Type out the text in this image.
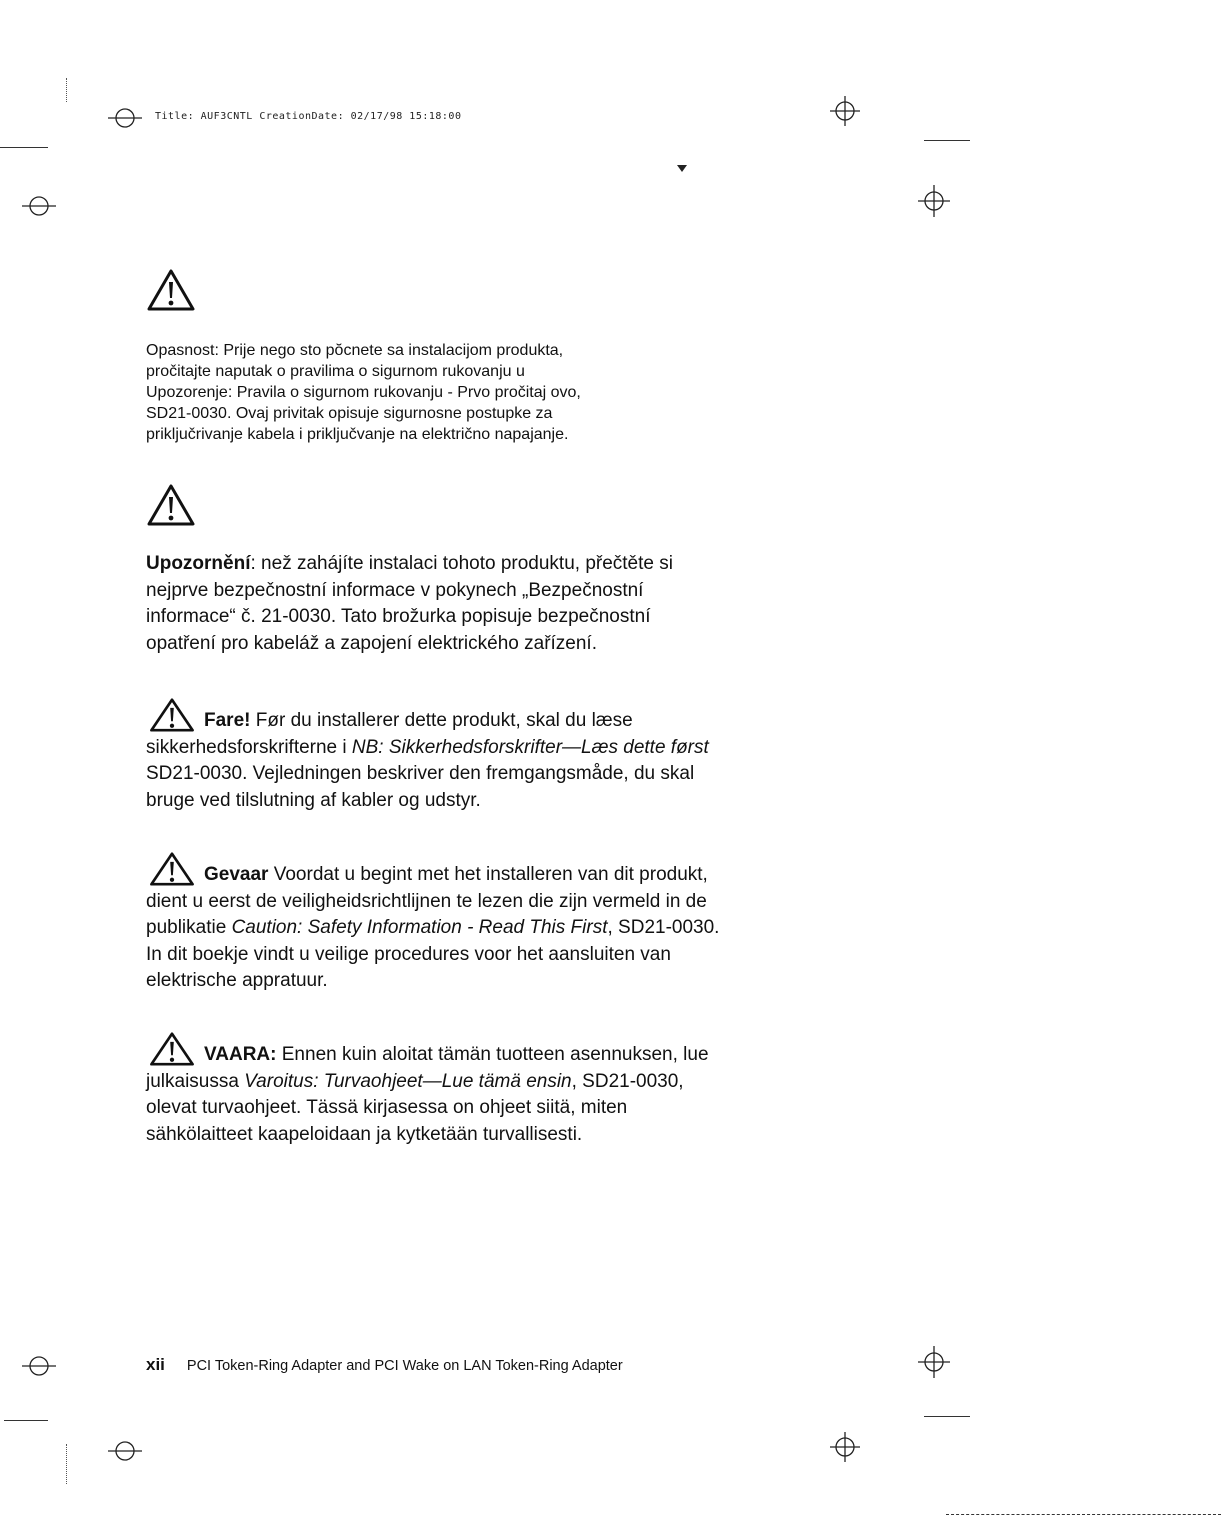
Title: AUF3CNTL CreationDate: 02/17/98 15:18:00
Opasnost: Prije nego sto pŏcnete sa instalacijom produkta,
pročitajte naputak o pravilima o sigurnom rukovanju u
Upozorenje: Pravila o sigurnom rukovanju - Prvo pročitaj ovo,
SD21-0030. Ovaj privitak opisuje sigurnosne postupke za
priključrivanje kabela i priključvanje na električno napajanje.
Upozornění: než zahájíte instalaci tohoto produktu, přečtěte si
nejprve bezpečnostní informace v pokynech „Bezpečnostní
informace“ č. 21-0030. Tato brožurka popisuje bezpečnostní
opatření pro kabeláž a zapojení elektrického zařízení.
Fare! Før du installerer dette produkt, skal du læse
sikkerhedsforskrifterne i NB: Sikkerhedsforskrifter—Læs dette først
SD21-0030. Vejledningen beskriver den fremgangsmåde, du skal
bruge ved tilslutning af kabler og udstyr.
Gevaar Voordat u begint met het installeren van dit produkt,
dient u eerst de veiligheidsrichtlijnen te lezen die zijn vermeld in de
publikatie Caution: Safety Information - Read This First, SD21-0030.
In dit boekje vindt u veilige procedures voor het aansluiten van
elektrische appratuur.
VAARA: Ennen kuin aloitat tämän tuotteen asennuksen, lue
julkaisussa Varoitus: Turvaohjeet—Lue tämä ensin, SD21-0030,
olevat turvaohjeet. Tässä kirjasessa on ohjeet siitä, miten
sähkölaitteet kaapeloidaan ja kytketään turvallisesti.
xii PCI Token-Ring Adapter and PCI Wake on LAN Token-Ring Adapter
